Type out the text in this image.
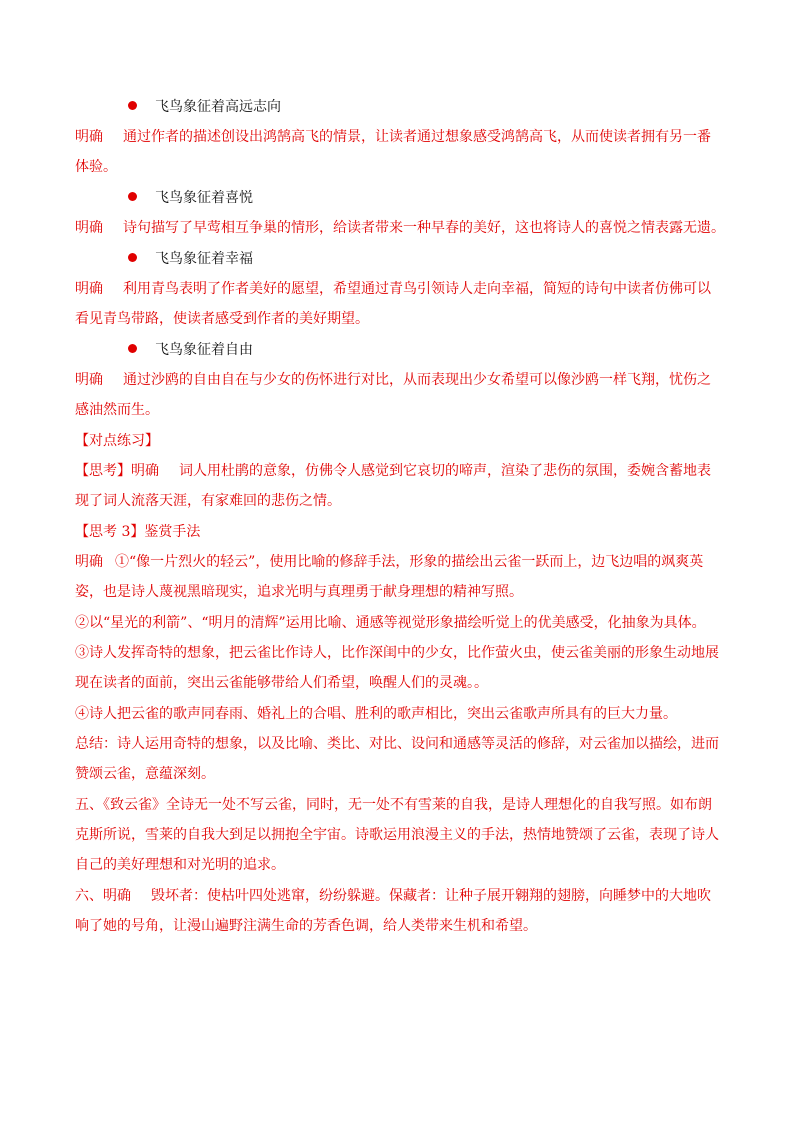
飞鸟象征着高远志向
明确 通过作者的描述创设出鸿鹄高飞的情景，让读者通过想象感受鸿鹄高飞，从而使读者拥有另一番
体验。
飞鸟象征着喜悦
明确 诗句描写了早莺相互争巢的情形，给读者带来一种早春的美好，这也将诗人的喜悦之情表露无遗。
飞鸟象征着幸福
明确 利用青鸟表明了作者美好的愿望，希望通过青鸟引领诗人走向幸福，简短的诗句中读者仿佛可以
看见青鸟带路，使读者感受到作者的美好期望。
飞鸟象征着自由
明确 通过沙鸥的自由自在与少女的伤怀进行对比，从而表现出少女希望可以像沙鸥一样飞翔，忧伤之
感油然而生。
【对点练习】
【思考】明确 词人用杜鹃的意象，仿佛令人感觉到它哀切的啼声，渲染了悲伤的氛围，委婉含蓄地表
现了词人流落天涯，有家难回的悲伤之情。
【思考 3】鉴赏手法
明确 ①“像一片烈火的轻云”，使用比喻的修辞手法，形象的描绘出云雀一跃而上，边飞边唱的飒爽英
姿，也是诗人蔑视黑暗现实，追求光明与真理勇于献身理想的精神写照。
②以“星光的利箭”、“明月的清辉”运用比喻、通感等视觉形象描绘听觉上的优美感受，化抽象为具体。
③诗人发挥奇特的想象，把云雀比作诗人，比作深闺中的少女，比作萤火虫，使云雀美丽的形象生动地展
现在读者的面前，突出云雀能够带给人们希望，唤醒人们的灵魂。。
④诗人把云雀的歌声同春雨、婚礼上的合唱、胜利的歌声相比，突出云雀歌声所具有的巨大力量。
总结：诗人运用奇特的想象，以及比喻、类比、对比、设问和通感等灵活的修辞，对云雀加以描绘，进而
赞颂云雀，意蕴深刻。
五、《致云雀》全诗无一处不写云雀，同时，无一处不有雪莱的自我，是诗人理想化的自我写照。如布朗
克斯所说，雪莱的自我大到足以拥抱全宇宙。诗歌运用浪漫主义的手法，热情地赞颂了云雀，表现了诗人
自己的美好理想和对光明的追求。
六、明确 毁坏者：使枯叶四处逃窜，纷纷躲避。保藏者：让种子展开翱翔的翅膀，向睡梦中的大地吹
响了她的号角，让漫山遍野注满生命的芳香色调，给人类带来生机和希望。
